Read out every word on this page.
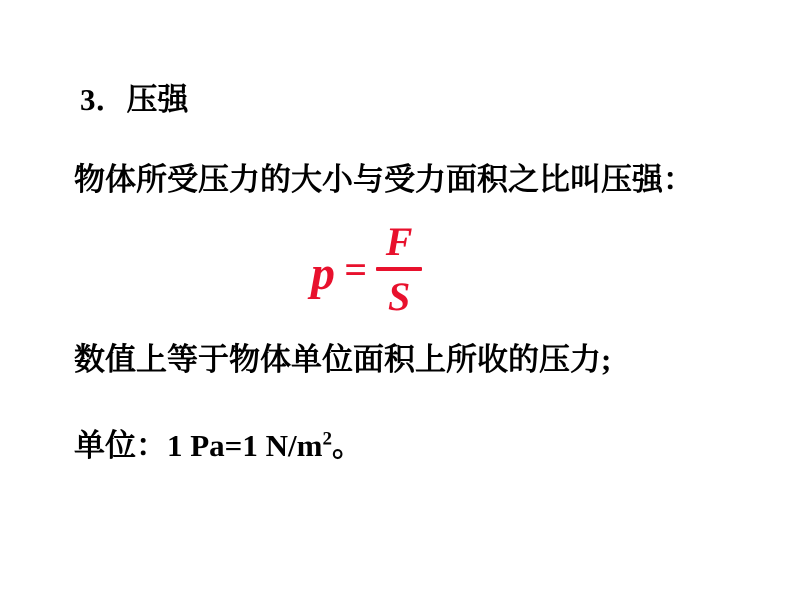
3．压强
物体所受压力的大小与受力面积之比叫压强：
$p = \frac{F}{S}$
数值上等于物体单位面积上所收的压力;
单位：1 Pa=1 $N/m^2$。
